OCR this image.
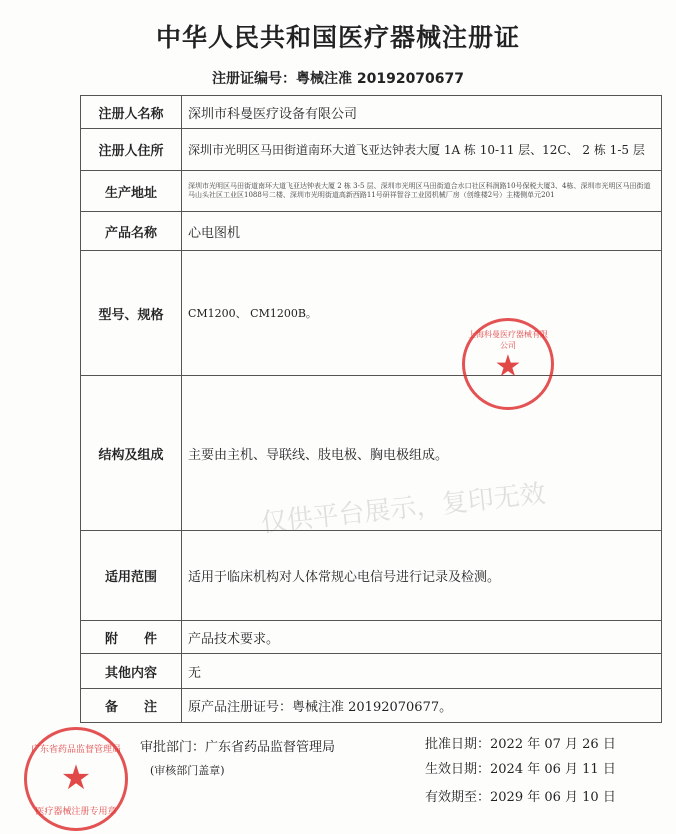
中华人民共和国医疗器械注册证
注册证编号：粤械注准 20192070677
注册人名称	深圳市科曼医疗设备有限公司
注册人住所	深圳市光明区马田街道南环大道飞亚达钟表大厦 1A 栋 10-11 层、12C、 2 栋 1-5 层
生产地址	深圳市光明区马田街道南环大道飞亚达钟表大厦 2 栋 3-5 层、深圳市光明区马田街道合水口社区科润路10号保税大厦3、4栋、深圳市光明区马田街道马山头社区工业区1088号二楼、深圳市光明街道高新西路11号研祥智谷工业园机械厂房（创维楼2号）主楼侧单元201
产品名称	心电图机
型号、规格	CM1200、 CM1200B。
结构及组成	主要由主机、导联线、肢电极、胸电极组成。
适用范围	适用于临床机构对人体常规心电信号进行记录及检测。
附　　件	产品技术要求。
其他内容	无
备　　注	原产品注册证号：粤械注准 20192070677。
审批部门：广东省药品监督管理局
(审核部门盖章)
批准日期：2022 年 07 月 26 日
生效日期：2024 年 06 月 11 日
有效期至：2029 年 06 月 10 日
上海科曼医疗器械有限公司
★
广东省药品监督管理局
★
医疗器械注册专用章
仅供平台展示，复印无效
